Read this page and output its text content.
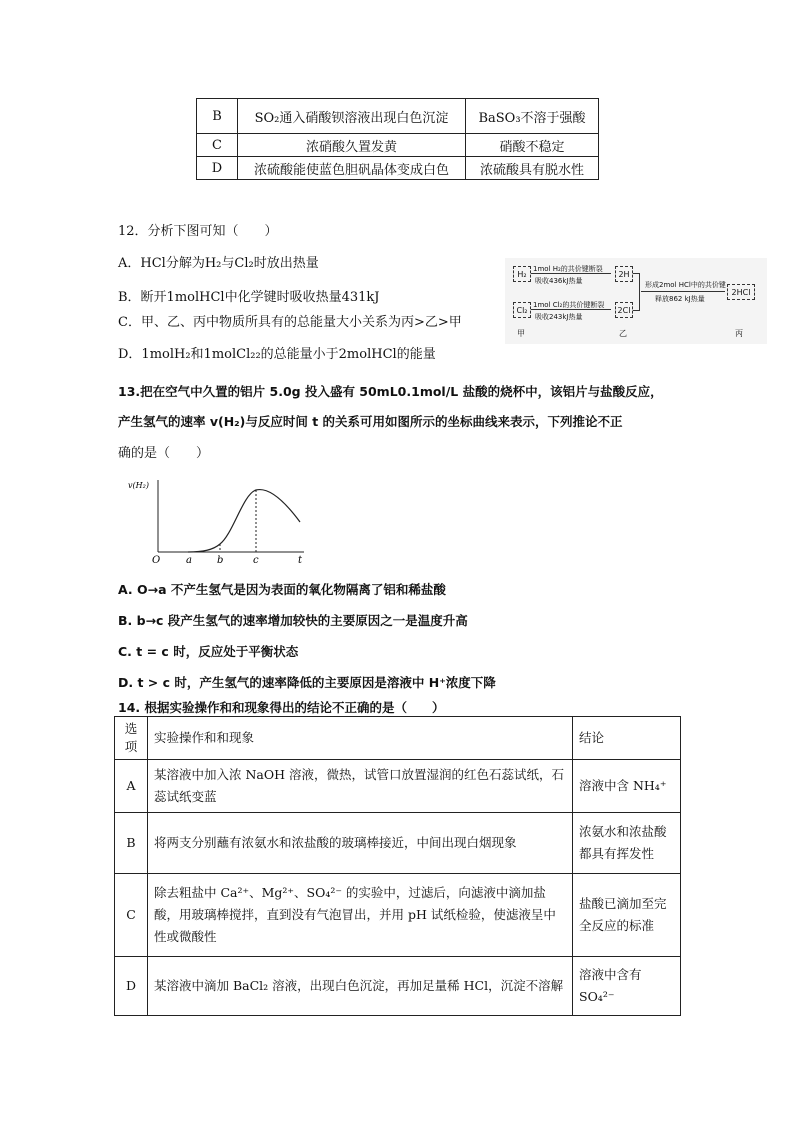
B	SO₂通入硝酸钡溶液出现白色沉淀	BaSO₃不溶于强酸
C	浓硝酸久置发黄	硝酸不稳定
D	浓硫酸能使蓝色胆矾晶体变成白色	浓硫酸具有脱水性
12．分析下图可知（　　）
A．HCl分解为H₂与Cl₂时放出热量
B．断开1molHCl中化学键时吸收热量431kJ
C．甲、乙、丙中物质所具有的总能量大小关系为丙>乙>甲
D．1molH₂和1molCl₂₂的总能量小于2molHCl的能量
H₂
Cl₂
1mol H₂的共价键断裂
吸收436kJ热量
1mol Cl₂的共价键断裂
吸收243kJ热量
2H
2Cl
形成2mol HCl中的共价键
释放862 kJ热量
2HCl
甲	乙	丙
13.把在空气中久置的铝片 5.0g 投入盛有 50mL0.1mol/L 盐酸的烧杯中，该铝片与盐酸反应，
产生氢气的速率 v(H₂)与反应时间 t 的关系可用如图所示的坐标曲线来表示，下列推论不正
确的是（　　）
v(H₂)
O	a	b	c	t
A. O→a 不产生氢气是因为表面的氧化物隔离了铝和稀盐酸
B. b→c 段产生氢气的速率增加较快的主要原因之一是温度升高
C. t = c 时，反应处于平衡状态
D. t > c 时，产生氢气的速率降低的主要原因是溶液中 H⁺浓度下降
14. 根据实验操作和和现象得出的结论不正确的是（　　）
选项	实验操作和和现象	结论
A	某溶液中加入浓 NaOH 溶液，微热，试管口放置湿润的红色石蕊试纸，石蕊试纸变蓝	溶液中含 NH₄⁺
B	将两支分别蘸有浓氨水和浓盐酸的玻璃棒接近，中间出现白烟现象	浓氨水和浓盐酸都具有挥发性
C	除去粗盐中 Ca²⁺、Mg²⁺、SO₄²⁻ 的实验中，过滤后，向滤液中滴加盐酸，用玻璃棒搅拌，直到没有气泡冒出，并用 pH 试纸检验，使滤液呈中性或微酸性	盐酸已滴加至完全反应的标准
D	某溶液中滴加 BaCl₂ 溶液，出现白色沉淀，再加足量稀 HCl，沉淀不溶解	溶液中含有 SO₄²⁻
